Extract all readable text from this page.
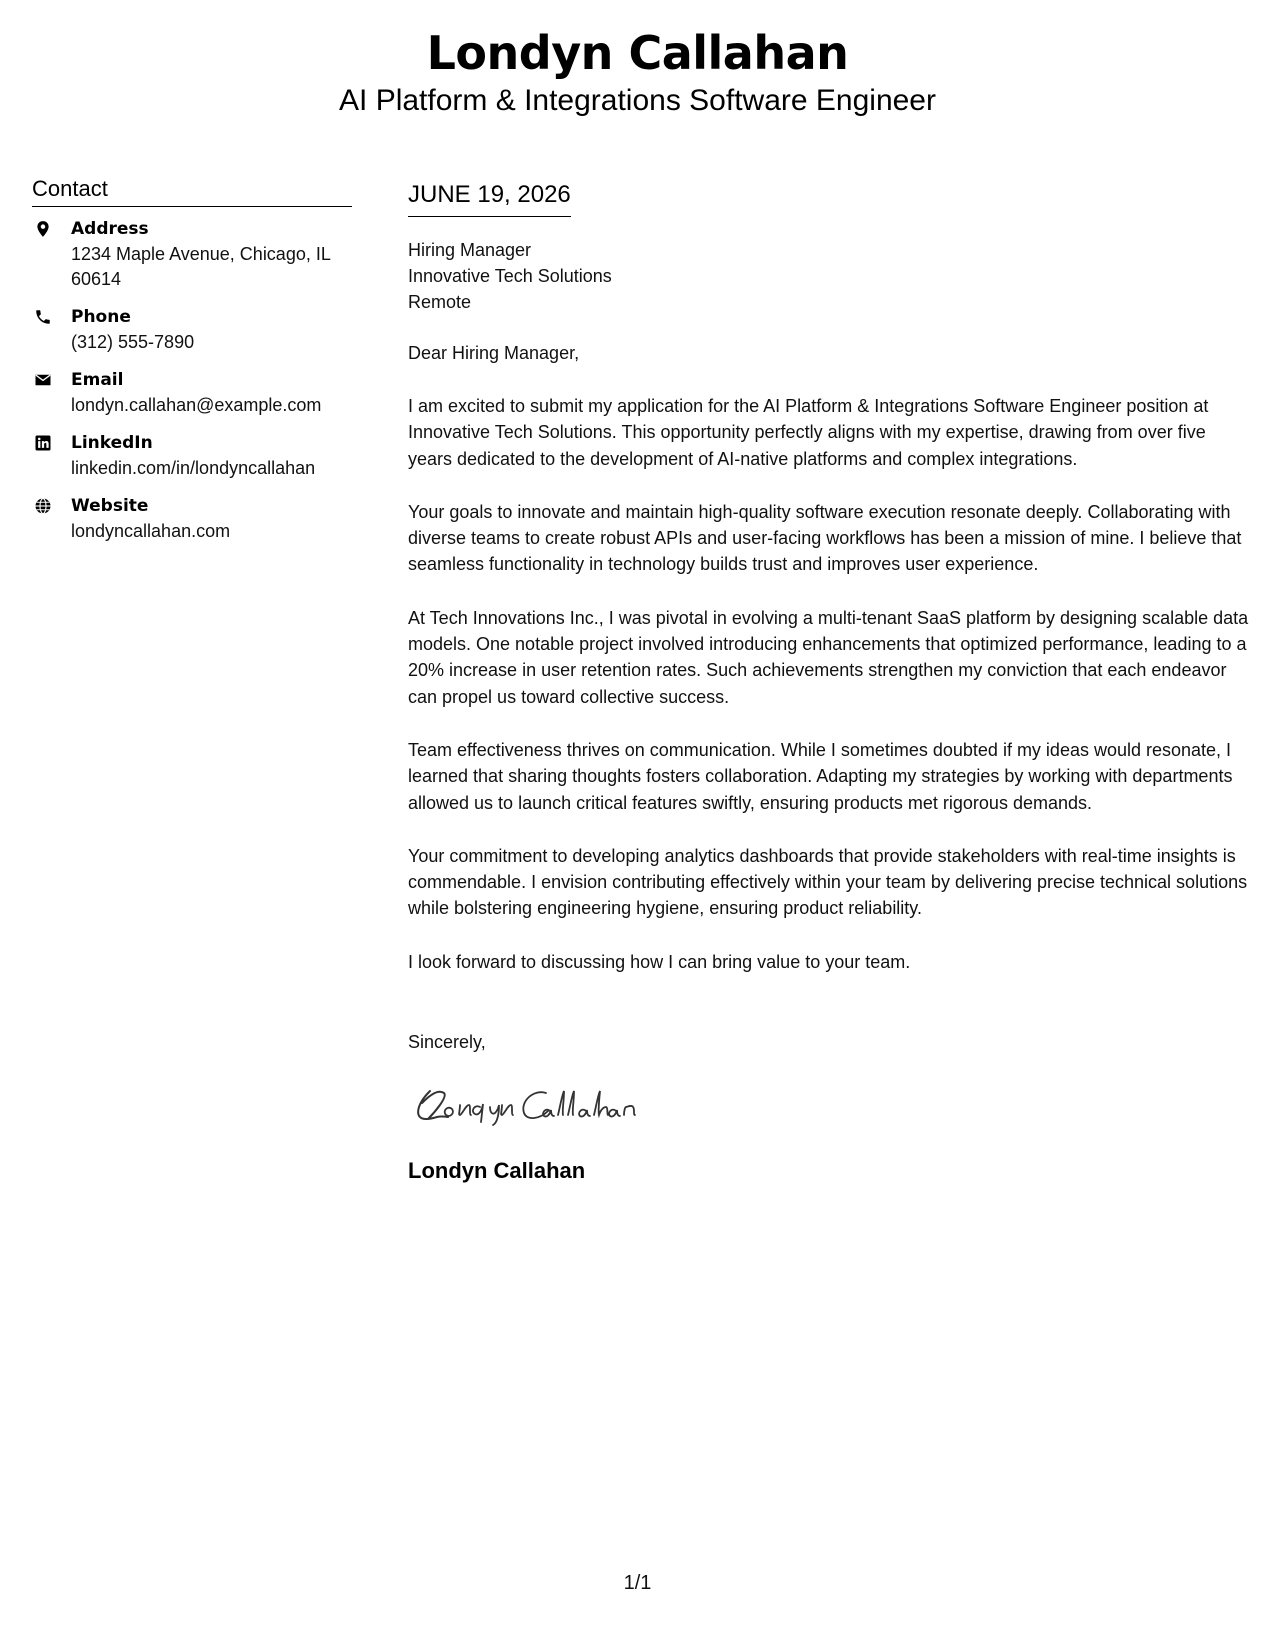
Londyn Callahan
AI Platform & Integrations Software Engineer
Contact
Address
1234 Maple Avenue, Chicago, IL 60614
Phone
(312) 555-7890
Email
londyn.callahan@example.com
LinkedIn
linkedin.com/in/londyncallahan
Website
londyncallahan.com
JUNE 19, 2026
Hiring Manager
Innovative Tech Solutions
Remote
Dear Hiring Manager,
I am excited to submit my application for the AI Platform & Integrations Software Engineer position at Innovative Tech Solutions. This opportunity perfectly aligns with my expertise, drawing from over five years dedicated to the development of AI-native platforms and complex integrations.
Your goals to innovate and maintain high-quality software execution resonate deeply. Collaborating with diverse teams to create robust APIs and user-facing workflows has been a mission of mine. I believe that seamless functionality in technology builds trust and improves user experience.
At Tech Innovations Inc., I was pivotal in evolving a multi-tenant SaaS platform by designing scalable data models. One notable project involved introducing enhancements that optimized performance, leading to a 20% increase in user retention rates. Such achievements strengthen my conviction that each endeavor can propel us toward collective success.
Team effectiveness thrives on communication. While I sometimes doubted if my ideas would resonate, I learned that sharing thoughts fosters collaboration. Adapting my strategies by working with departments allowed us to launch critical features swiftly, ensuring products met rigorous demands.
Your commitment to developing analytics dashboards that provide stakeholders with real-time insights is commendable. I envision contributing effectively within your team by delivering precise technical solutions while bolstering engineering hygiene, ensuring product reliability.
I look forward to discussing how I can bring value to your team.
Sincerely,
Londyn Callahan
1/1
